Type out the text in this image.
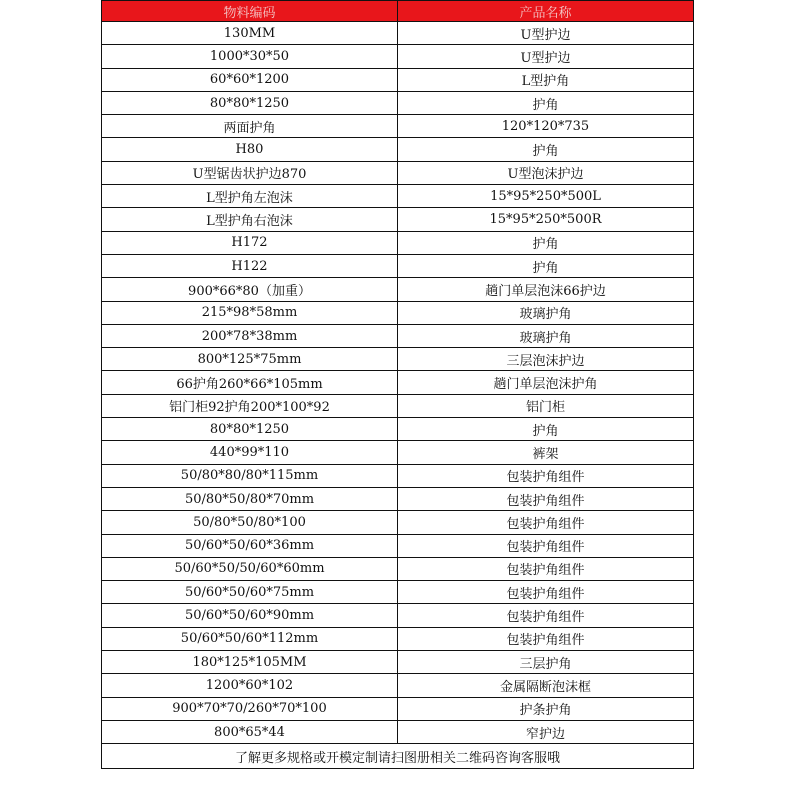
物料编码	产品名称
130MM	U型护边
1000*30*50	U型护边
60*60*1200	L型护角
80*80*1250	护角
两面护角	120*120*735
H80	护角
U型锯齿状护边870	U型泡沫护边
L型护角左泡沫	15*95*250*500L
L型护角右泡沫	15*95*250*500R
H172	护角
H122	护角
900*66*80（加重）	趟门单层泡沫66护边
215*98*58mm	玻璃护角
200*78*38mm	玻璃护角
800*125*75mm	三层泡沫护边
66护角260*66*105mm	趟门单层泡沫护角
铝门柜92护角200*100*92	铝门柜
80*80*1250	护角
440*99*110	裤架
50/80*80/80*115mm	包装护角组件
50/80*50/80*70mm	包装护角组件
50/80*50/80*100	包装护角组件
50/60*50/60*36mm	包装护角组件
50/60*50/50/60*60mm	包装护角组件
50/60*50/60*75mm	包装护角组件
50/60*50/60*90mm	包装护角组件
50/60*50/60*112mm	包装护角组件
180*125*105MM	三层护角
1200*60*102	金属隔断泡沫框
900*70*70/260*70*100	护条护角
800*65*44	窄护边
了解更多规格或开模定制请扫图册相关二维码咨询客服哦	
